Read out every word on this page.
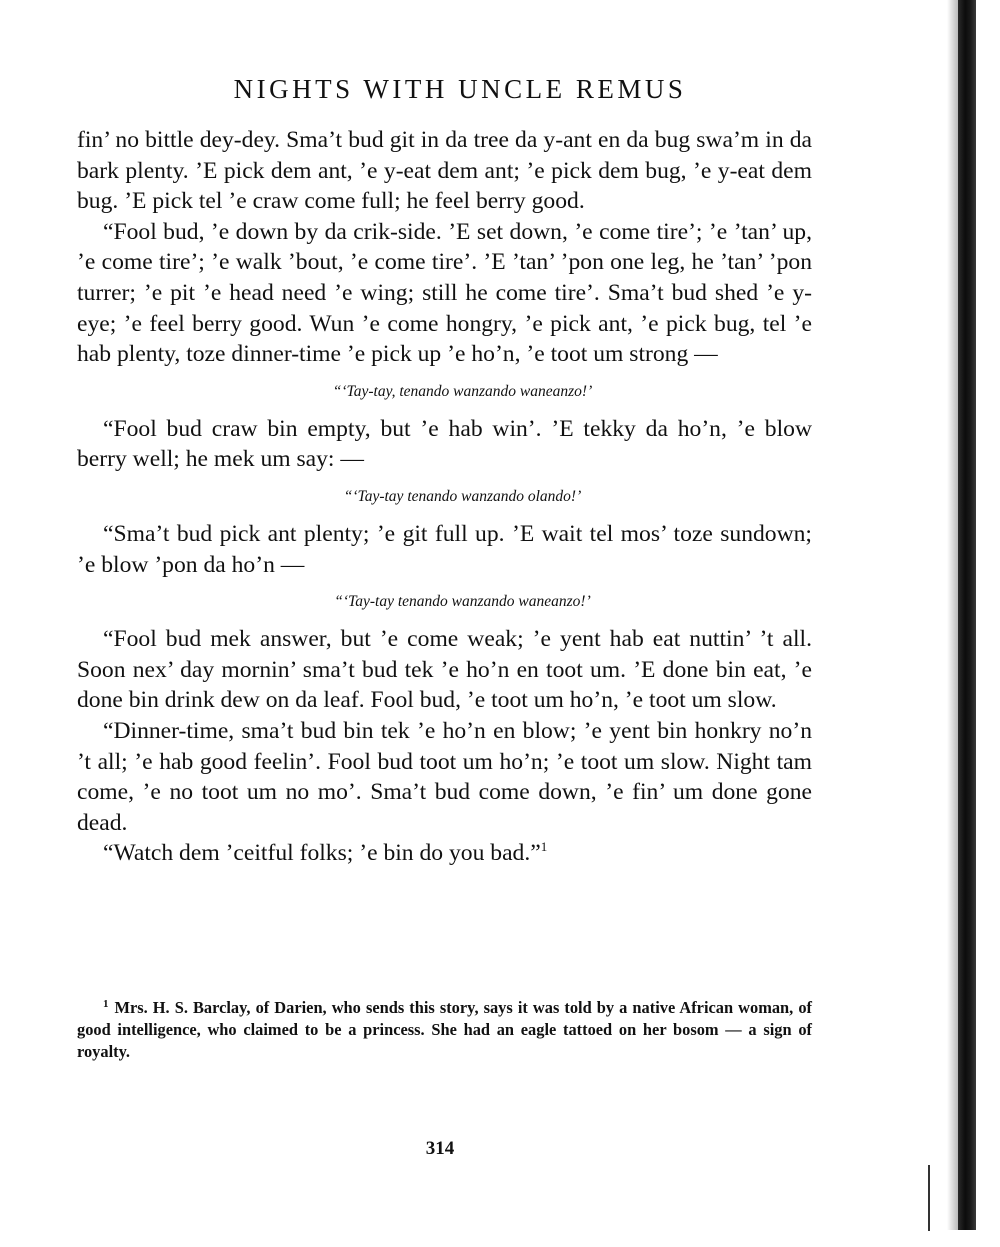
NIGHTS WITH UNCLE REMUS

fin’ no bittle dey-dey. Sma’t bud git in da tree da y-ant en da bug swa’m in da bark plenty. ’E pick dem ant, ’e y-eat dem ant; ’e pick dem bug, ’e y-eat dem bug. ’E pick tel ’e craw come full; he feel berry good.

“Fool bud, ’e down by da crik-side. ’E set down, ’e come tire’; ’e ’tan’ up, ’e come tire’; ’e walk ’bout, ’e come tire’. ’E ’tan’ ’pon one leg, he ’tan’ ’pon turrer; ’e pit ’e head need ’e wing; still he come tire’. Sma’t bud shed ’e y-eye; ’e feel berry good. Wun ’e come hongry, ’e pick ant, ’e pick bug, tel ’e hab plenty, toze dinner-time ’e pick up ’e ho’n, ’e toot um strong —

“‘Tay-tay, tenando wanzando waneanzo!’

“Fool bud craw bin empty, but ’e hab win’. ’E tekky da ho’n, ’e blow berry well; he mek um say: —

“‘Tay-tay tenando wanzando olando!’

“Sma’t bud pick ant plenty; ’e git full up. ’E wait tel mos’ toze sundown; ’e blow ’pon da ho’n —

“‘Tay-tay tenando wanzando waneanzo!’

“Fool bud mek answer, but ’e come weak; ’e yent hab eat nuttin’ ’t all. Soon nex’ day mornin’ sma’t bud tek ’e ho’n en toot um. ’E done bin eat, ’e done bin drink dew on da leaf. Fool bud, ’e toot um ho’n, ’e toot um slow.

“Dinner-time, sma’t bud bin tek ’e ho’n en blow; ’e yent bin honkry no’n ’t all; ’e hab good feelin’. Fool bud toot um ho’n; ’e toot um slow. Night tam come, ’e no toot um no mo’. Sma’t bud come down, ’e fin’ um done gone dead.

“Watch dem ’ceitful folks; ’e bin do you bad.”$^1$

$^1$ Mrs. H. S. Barclay, of Darien, who sends this story, says it was told by a native African woman, of good intelligence, who claimed to be a princess. She had an eagle tattoed on her bosom — a sign of royalty.
314
